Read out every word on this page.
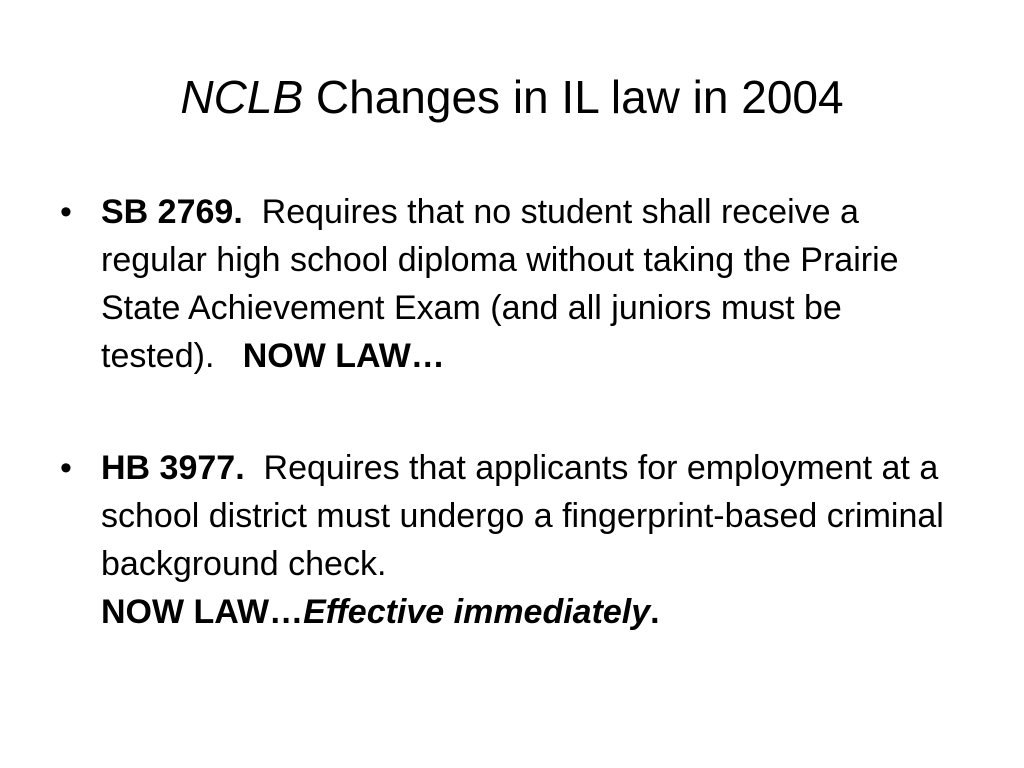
NCLB Changes in IL law in 2004
• SB 2769. Requires that no student shall receive a regular high school diploma without taking the Prairie State Achievement Exam (and all juniors must be tested). NOW LAW…
• HB 3977. Requires that applicants for employment at a school district must undergo a fingerprint-based criminal background check.
NOW LAW…Effective immediately.
